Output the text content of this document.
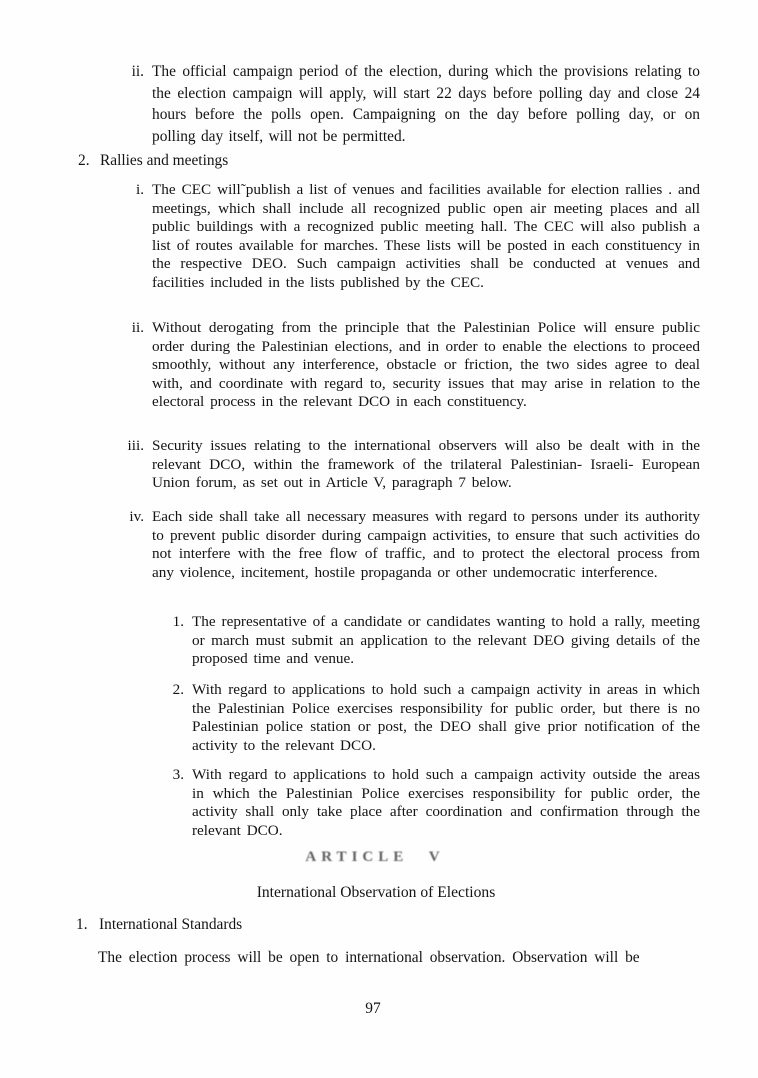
ii. The official campaign period of the election, during which the provisions relating to the election campaign will apply, will start 22 days before polling day and close 24 hours before the polls open. Campaigning on the day before polling day, or on polling day itself, will not be permitted.
2. Rallies and meetings
i. The CEC will˜publish a list of venues and facilities available for election rallies . and meetings, which shall include all recognized public open air meeting places and all public buildings with a recognized public meeting hall. The CEC will also publish a list of routes available for marches. These lists will be posted in each constituency in the respective DEO. Such campaign activities shall be conducted at venues and facilities included in the lists published by the CEC.
ii. Without derogating from the principle that the Palestinian Police will ensure public order during the Palestinian elections, and in order to enable the elections to proceed smoothly, without any interference, obstacle or friction, the two sides agree to deal with, and coordinate with regard to, security issues that may arise in relation to the electoral process in the relevant DCO in each constituency.
iii. Security issues relating to the international observers will also be dealt with in the relevant DCO, within the framework of the trilateral Palestinian- Israeli- European Union forum, as set out in Article V, paragraph 7 below.
iv. Each side shall take all necessary measures with regard to persons under its authority to prevent public disorder during campaign activities, to ensure that such activities do not interfere with the free flow of traffic, and to protect the electoral process from any violence, incitement, hostile propaganda or other undemocratic interference.
1. The representative of a candidate or candidates wanting to hold a rally, meeting or march must submit an application to the relevant DEO giving details of the proposed time and venue.
2. With regard to applications to hold such a campaign activity in areas in which the Palestinian Police exercises responsibility for public order, but there is no Palestinian police station or post, the DEO shall give prior notification of the activity to the relevant DCO.
3. With regard to applications to hold such a campaign activity outside the areas in which the Palestinian Police exercises responsibility for public order, the activity shall only take place after coordination and confirmation through the relevant DCO.
ARTICLE V
International Observation of Elections
1. International Standards
The election process will be open to international observation. Observation will be
97
